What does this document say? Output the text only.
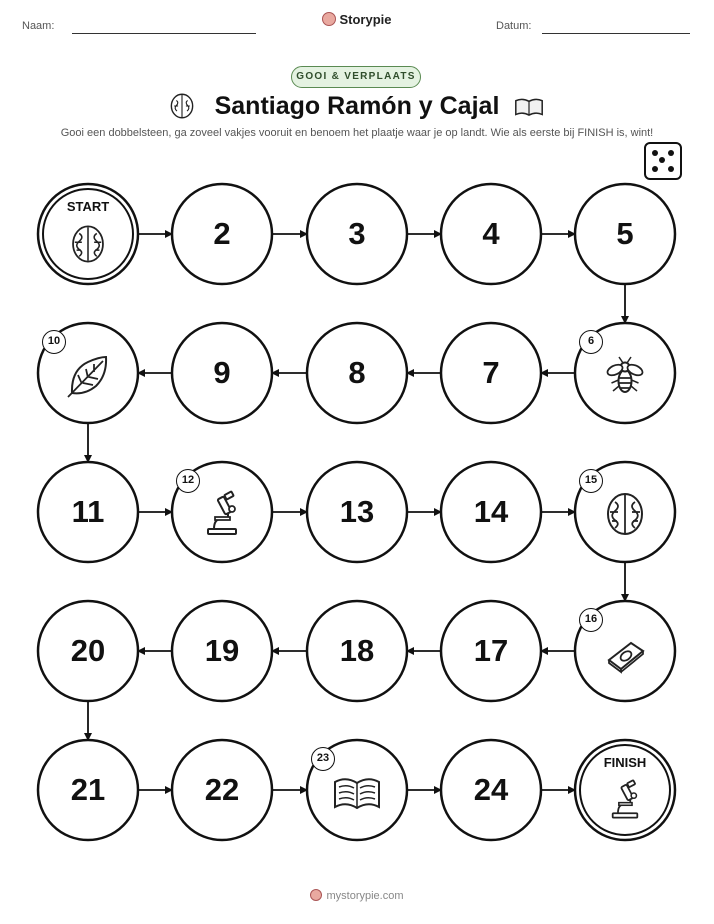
Naam:	Storypie	Datum:
GOOI & VERPLAATS
Santiago Ramón y Cajal
Gooi een dobbelsteen, ga zoveel vakjes vooruit en benoem het plaatje waar je op landt. Wie als eerste bij FINISH is, wint!
START
2	3	4	5
6
7
8
9
10
11
12
13	14
15
16
17
18
19
20
21	22
23
24
FINISH
mystorypie.com
